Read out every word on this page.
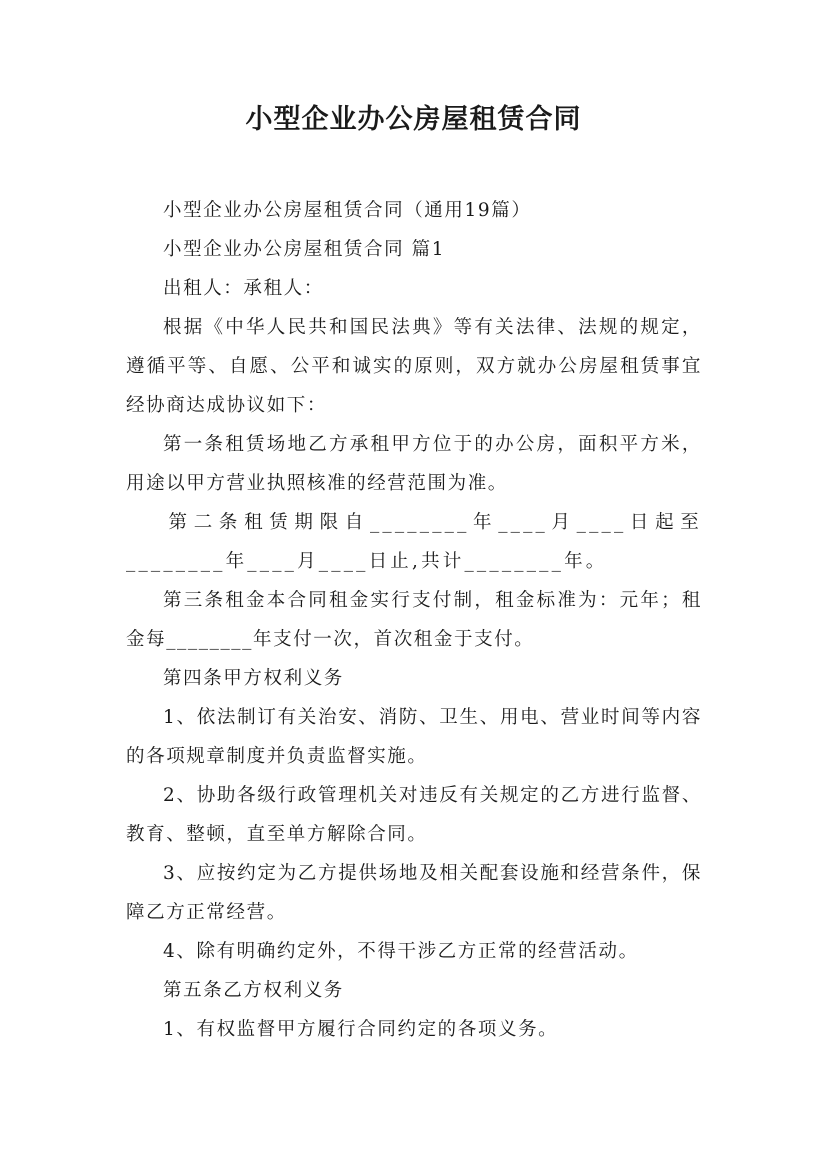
小型企业办公房屋租赁合同

小型企业办公房屋租赁合同（通用19篇）

小型企业办公房屋租赁合同 篇1

出租人：承租人：

根据《中华人民共和国民法典》等有关法律、法规的规定，遵循平等、自愿、公平和诚实的原则，双方就办公房屋租赁事宜经协商达成协议如下：

第一条租赁场地乙方承租甲方位于的办公房，面积平方米，用途以甲方营业执照核准的经营范围为准。

第二条租赁期限自________年____月____日起至________年____月____日止,共计________年。

第三条租金本合同租金实行支付制，租金标准为：元年；租金每________年支付一次，首次租金于支付。

第四条甲方权利义务

1、依法制订有关治安、消防、卫生、用电、营业时间等内容的各项规章制度并负责监督实施。

2、协助各级行政管理机关对违反有关规定的乙方进行监督、教育、整顿，直至单方解除合同。

3、应按约定为乙方提供场地及相关配套设施和经营条件，保障乙方正常经营。

4、除有明确约定外，不得干涉乙方正常的经营活动。

第五条乙方权利义务

1、有权监督甲方履行合同约定的各项义务。
